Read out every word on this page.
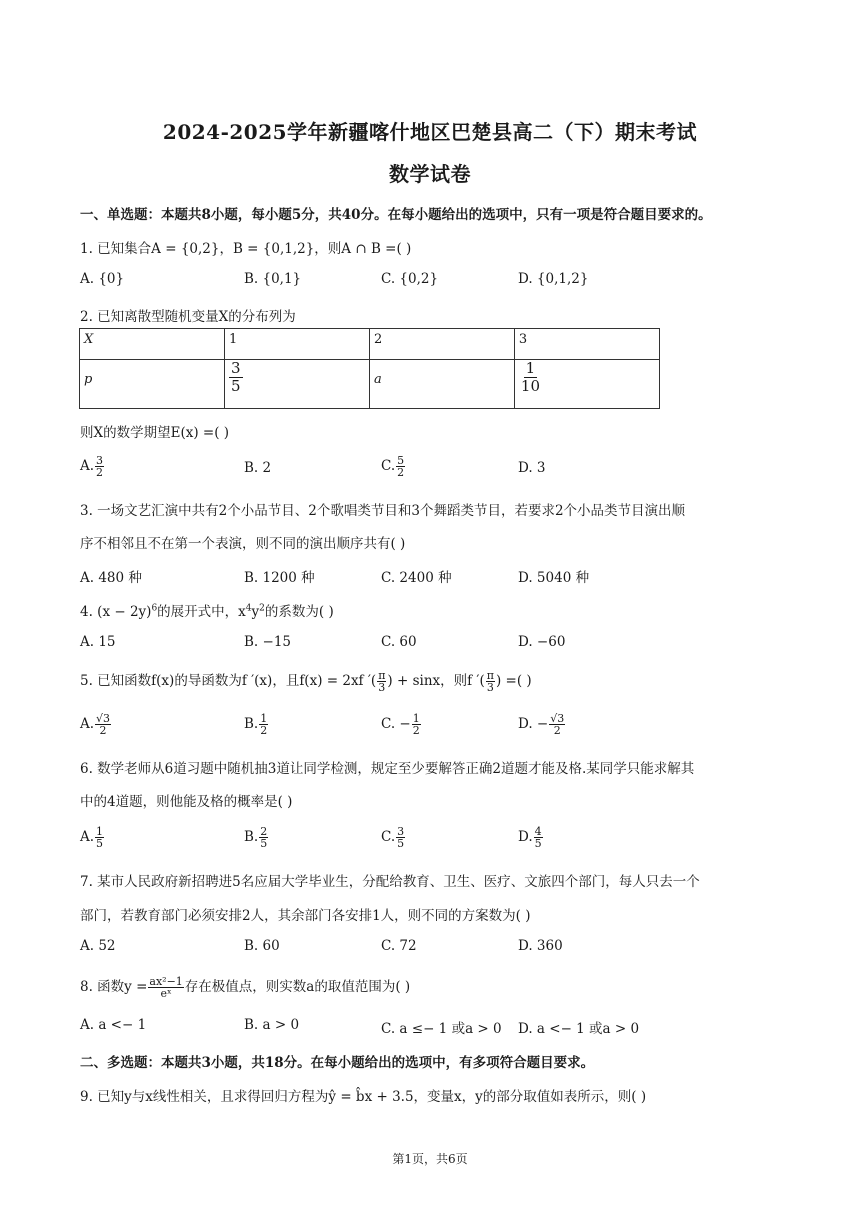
2024-2025学年新疆喀什地区巴楚县高二（下）期末考试
数学试卷
一、单选题：本题共8小题，每小题5分，共40分。在每小题给出的选项中，只有一项是符合题目要求的。
1. 已知集合A = {0,2}，B = {0,1,2}，则A ∩ B =( )
A. {0}	B. {0,1}	C. {0,2}	D. {0,1,2}
2. 已知离散型随机变量X的分布列为
X	1	2	3
p	$\frac{3}{5}$	a	$\frac{1}{10}$
则X的数学期望E(x) =( )
A. $\frac{3}{2}$	B. 2	C. $\frac{5}{2}$	D. 3
3. 一场文艺汇演中共有2个小品节目、2个歌唱类节目和3个舞蹈类节目，若要求2个小品类节目演出顺
序不相邻且不在第一个表演，则不同的演出顺序共有( )
A. 480 种	B. 1200 种	C. 2400 种	D. 5040 种
4. $(x - 2y)^6$的展开式中，$x^4y^2$的系数为( )
A. 15	B. −15	C. 60	D. −60
5. 已知函数f(x)的导函数为f ′(x)，且f(x) = 2xf ′( $\frac{\pi}{3}$ ) + sinx，则f ′( $\frac{\pi}{3}$ ) =( )
A. $\frac{√3}{2}$	B. $\frac{1}{2}$	C. − $\frac{1}{2}$	D. − $\frac{√3}{2}$
6. 数学老师从6道习题中随机抽3道让同学检测，规定至少要解答正确2道题才能及格.某同学只能求解其
中的4道题，则他能及格的概率是( )
A. $\frac{1}{5}$	B. $\frac{2}{5}$	C. $\frac{3}{5}$	D. $\frac{4}{5}$
7. 某市人民政府新招聘进5名应届大学毕业生，分配给教育、卫生、医疗、文旅四个部门，每人只去一个
部门，若教育部门必须安排2人，其余部门各安排1人，则不同的方案数为( )
A. 52	B. 60	C. 72	D. 360
8. 函数$y = \frac{\text{ax²−1}}{\text{eˣ}}$ 存在极值点，则实数a的取值范围为( )
A. a <− 1	B. a > 0	C. a ≤− 1 或a > 0 D. a <− 1 或a > 0
二、多选题：本题共3小题，共18分。在每小题给出的选项中，有多项符合题目要求。
9. 已知y与x线性相关，且求得回归方程为ŷ = b̂x + 3.5，变量x，y的部分取值如表所示，则( )
第1页，共6页
